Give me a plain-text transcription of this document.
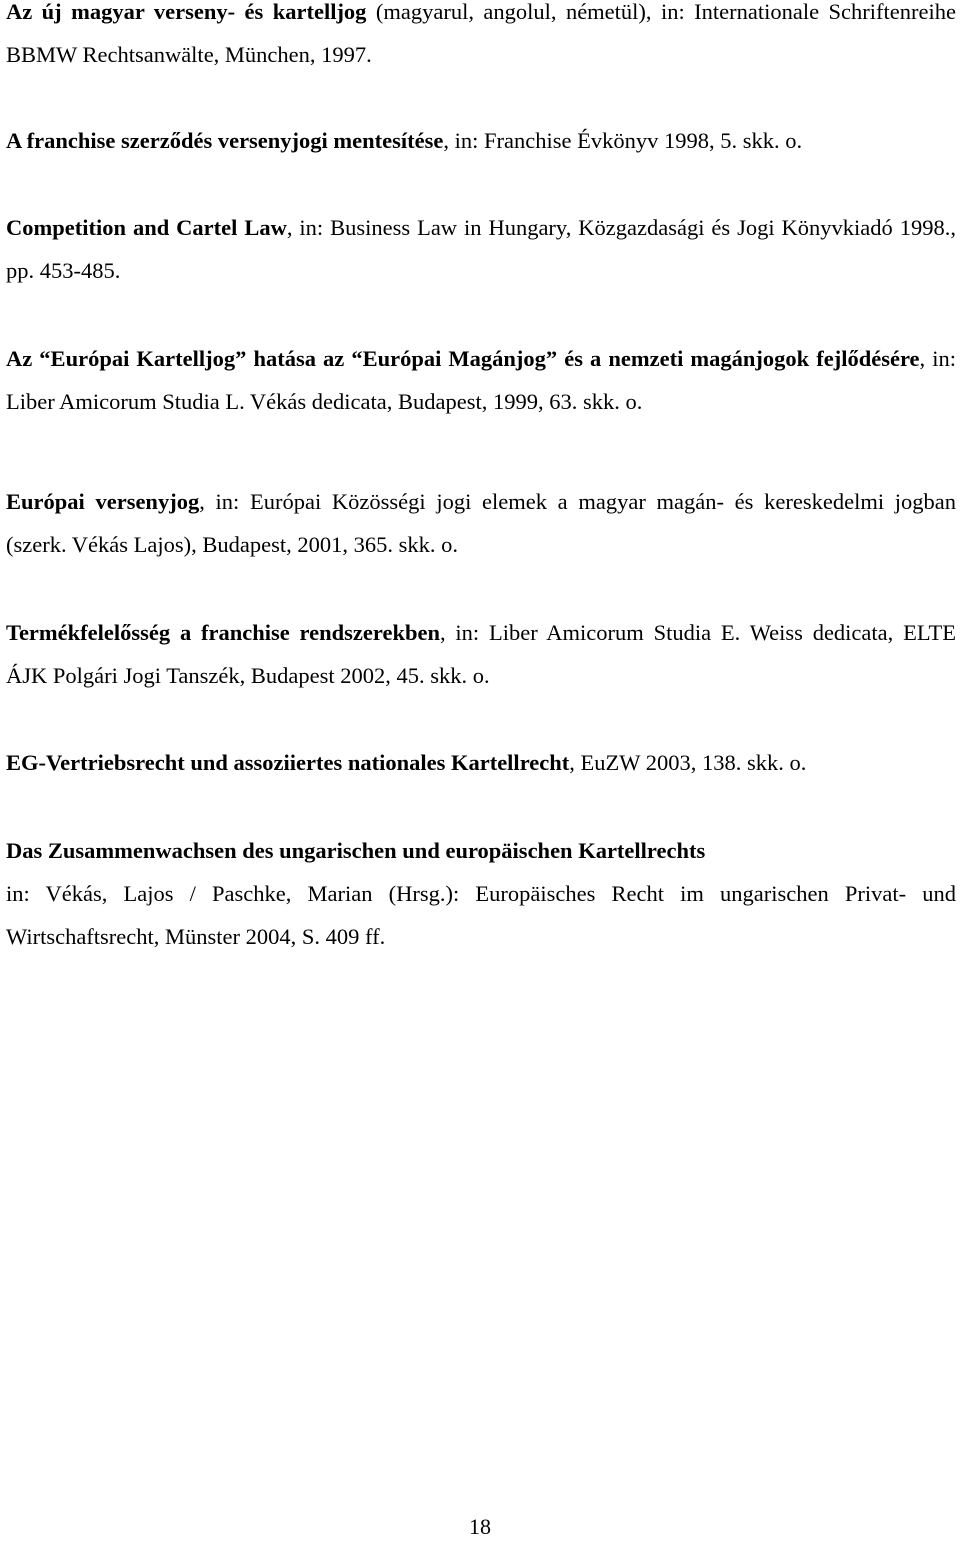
Az új magyar verseny- és kartelljog (magyarul, angolul, németül), in: Internationale Schriftenreihe BBMW Rechtsanwälte, München, 1997.

A franchise szerződés versenyjogi mentesítése, in: Franchise Évkönyv 1998, 5. skk. o.

Competition and Cartel Law, in: Business Law in Hungary, Közgazdasági és Jogi Könyvkiadó 1998., pp. 453-485.

Az “Európai Kartelljog” hatása az “Európai Magánjog” és a nemzeti magánjogok fejlődésére, in: Liber Amicorum Studia L. Vékás dedicata, Budapest, 1999, 63. skk. o.

Európai versenyjog, in: Európai Közösségi jogi elemek a magyar magán- és kereskedelmi jogban (szerk. Vékás Lajos), Budapest, 2001, 365. skk. o.

Termékfelelősség a franchise rendszerekben, in: Liber Amicorum Studia E. Weiss dedicata, ELTE ÁJK Polgári Jogi Tanszék, Budapest 2002, 45. skk. o.

EG-Vertriebsrecht und assoziiertes nationales Kartellrecht, EuZW 2003, 138. skk. o.

Das Zusammenwachsen des ungarischen und europäischen Kartellrechts
in: Vékás, Lajos / Paschke, Marian (Hrsg.): Europäisches Recht im ungarischen Privat- und Wirtschaftsrecht, Münster 2004, S. 409 ff.

18
